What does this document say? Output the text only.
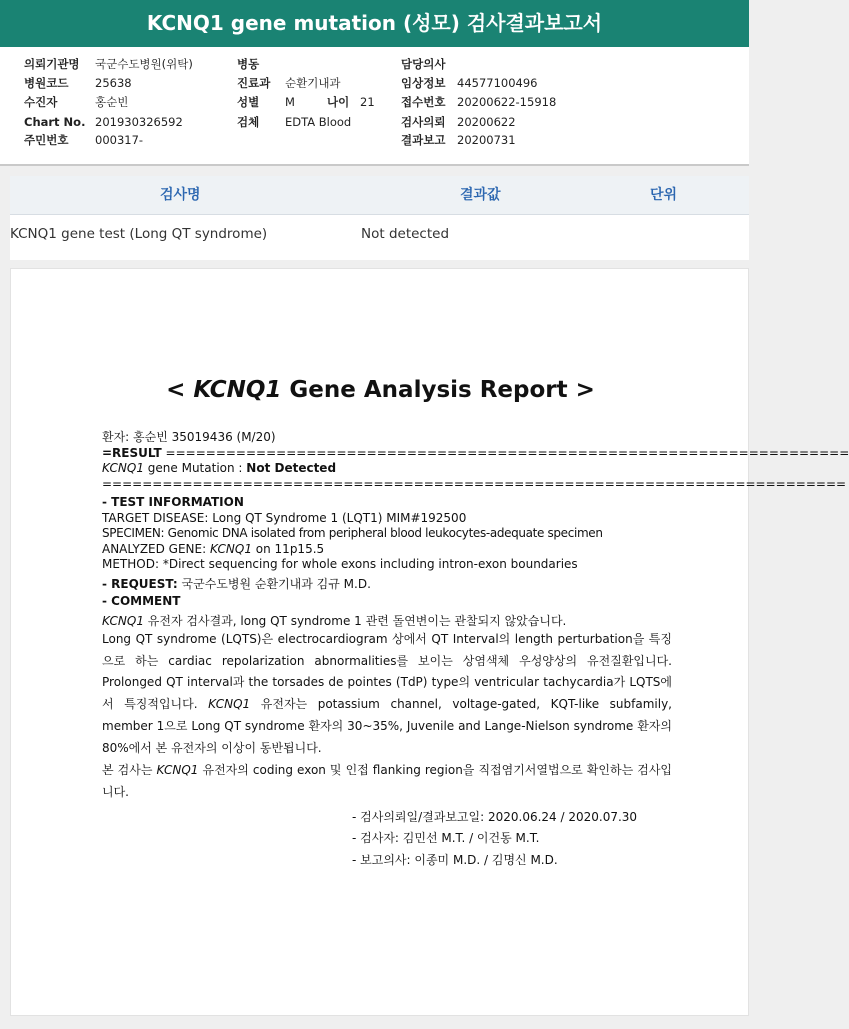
KCNQ1 gene mutation (성모) 검사결과보고서
의뢰기관명 국군수도병원(위탁)
병원코드 25638
수진자	홍순빈
Chart No. 201930326592
주민번호 000317-
병동
진료과 순환기내과
성별 M	나이 21
검체 EDTA Blood
담당의사
임상정보 44577100496
접수번호 20200622-15918
검사의뢰 20200622
결과보고 20200731
검사명	결과값	단위
KCNQ1 gene test (Long QT syndrome)	Not detected
< KCNQ1 Gene Analysis Report >
환자: 홍순빈 35019436 (M/20)
=RESULT ====================================================================
KCNQ1 gene Mutation : Not Detected
==========================================================================
- TEST INFORMATION
TARGET DISEASE: Long QT Syndrome 1 (LQT1) MIM#192500
SPECIMEN: Genomic DNA isolated from peripheral blood leukocytes-adequate specimen
ANALYZED GENE: KCNQ1 on 11p15.5
METHOD: *Direct sequencing for whole exons including intron-exon boundaries
- REQUEST: 국군수도병원 순환기내과 김규 M.D.
- COMMENT
KCNQ1 유전자 검사결과, long QT syndrome 1 관련 돌연변이는 관찰되지 않았습니다.
Long QT syndrome (LQTS)은 electrocardiogram 상에서 QT Interval의 length perturbation을 특징으로 하는 cardiac repolarization abnormalities를 보이는 상염색체 우성양상의 유전질환입니다. Prolonged QT interval과 the torsades de pointes (TdP) type의 ventricular tachycardia가 LQTS에서 특징적입니다. KCNQ1 유전자는 potassium channel, voltage-gated, KQT-like subfamily, member 1으로 Long QT syndrome 환자의 30~35%, Juvenile and Lange-Nielson syndrome 환자의 80%에서 본 유전자의 이상이 동반됩니다.
본 검사는 KCNQ1 유전자의 coding exon 및 인접 flanking region을 직접염기서열법으로 확인하는 검사입니다.
- 검사의뢰일/결과보고일: 2020.06.24 / 2020.07.30
- 검사자: 김민선 M.T. / 이건동 M.T.
- 보고의사: 이종미 M.D. / 김명신 M.D.
